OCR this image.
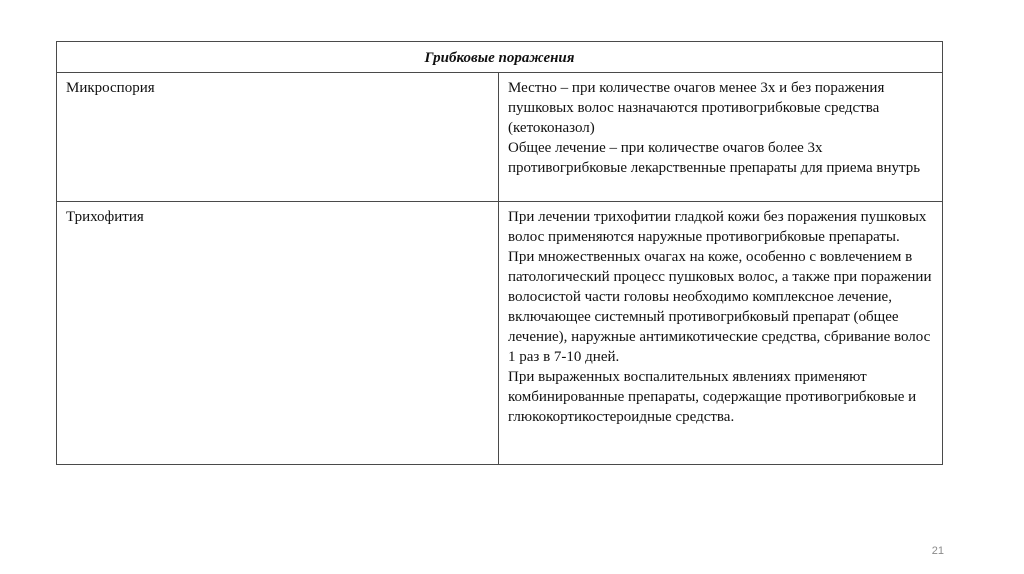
Грибковые поражения	

Микроспория	Местно – при количестве очагов менее 3х и без поражения пушковых волос назначаются противогрибковые средства (кетоконазол)
Общее лечение – при количестве очагов более 3х противогрибковые лекарственные препараты для приема внутрь

Трихофития	При лечении трихофитии гладкой кожи без поражения пушковых волос применяются наружные противогрибковые препараты.
При множественных очагах на коже, особенно с вовлечением в патологический процесс пушковых волос, а также при поражении волосистой части головы необходимо комплексное лечение, включающее системный противогрибковый препарат (общее лечение), наружные антимикотические средства, сбривание волос 1 раз в 7-10 дней.
При выраженных воспалительных явлениях применяют комбинированные препараты, содержащие противогрибковые и глюкокортикостероидные средства.
21
